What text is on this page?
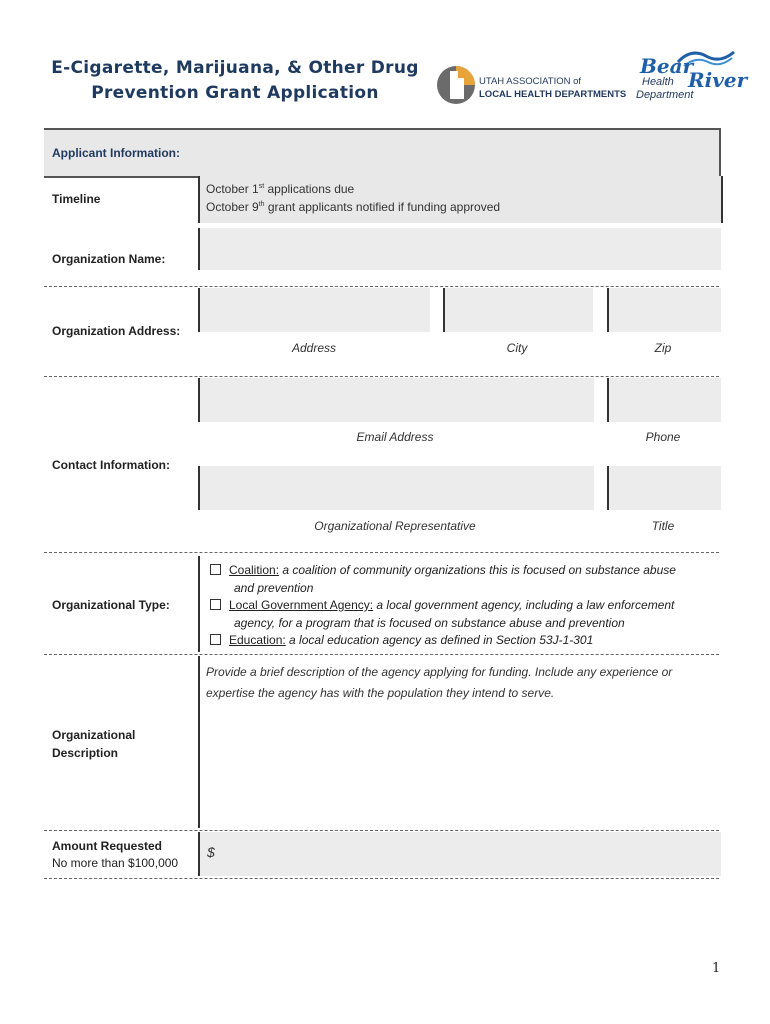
E-Cigarette, Marijuana, & Other Drug
Prevention Grant Application
UTAH ASSOCIATION of
LOCAL HEALTH DEPARTMENTS
Bear
River
Health
Department
Applicant Information:
Timeline
October 1st applications due
October 9th grant applicants notified if funding approved
Organization Name:
Organization Address:
Address	City	Zip
Contact Information:
Email Address	Phone
Organizational Representative	Title
Organizational Type:
Coalition: a coalition of community organizations this is focused on substance abuse
and prevention
Local Government Agency: a local government agency, including a law enforcement
agency, for a program that is focused on substance abuse and prevention
Education: a local education agency as defined in Section 53J-1-301
Organizational
Description
Provide a brief description of the agency applying for funding. Include any experience or
expertise the agency has with the population they intend to serve.
Amount Requested
No more than $100,000
$
1
